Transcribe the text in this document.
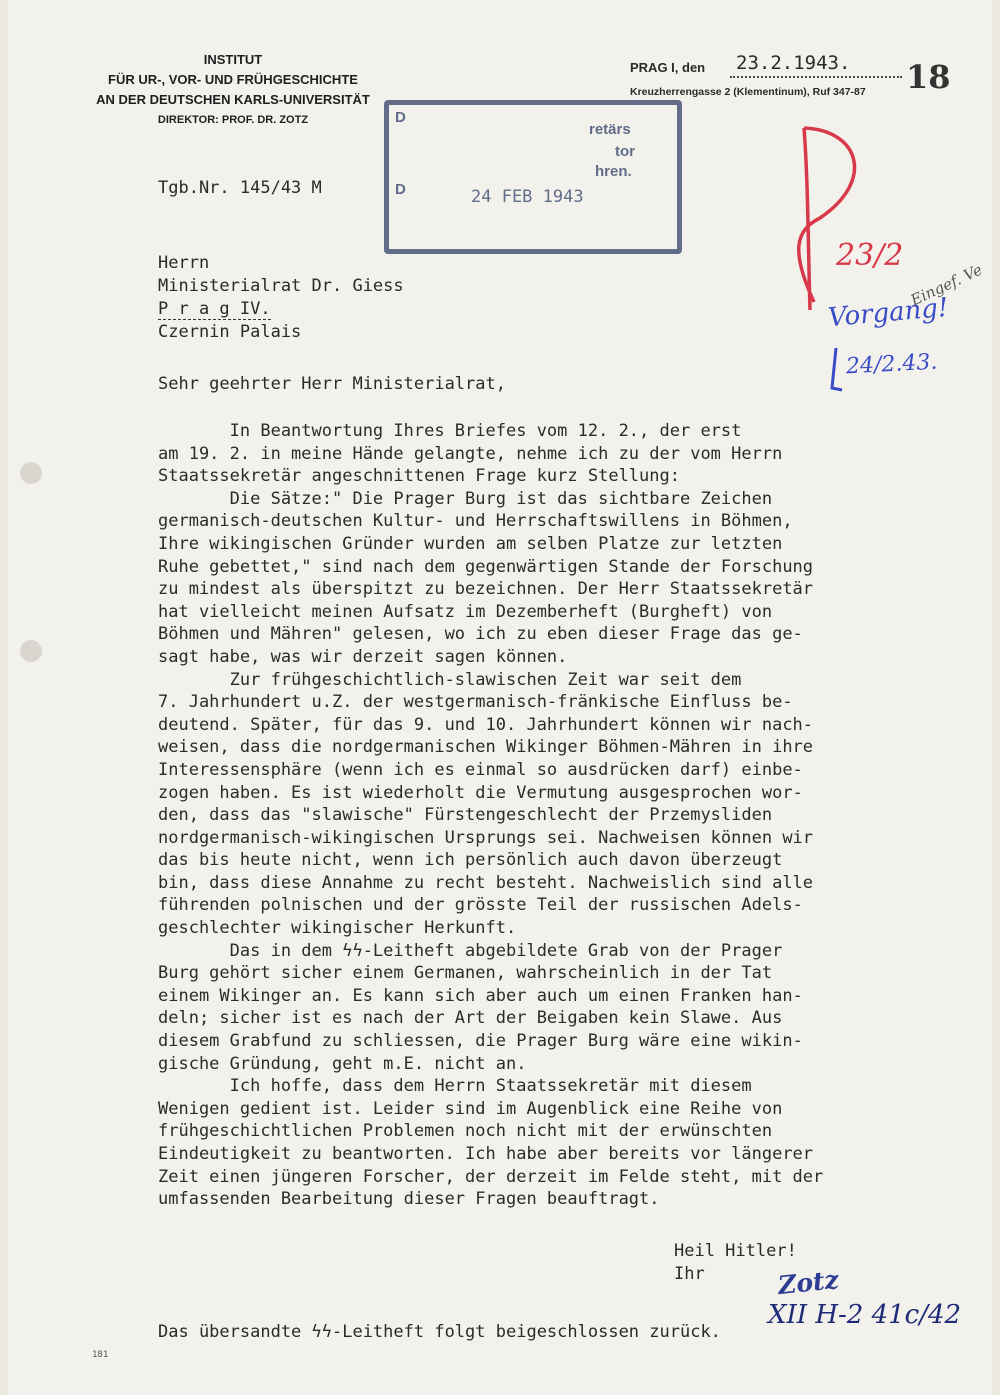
INSTITUT
FÜR UR-, VOR- UND FRÜHGESCHICHTE
AN DER DEUTSCHEN KARLS-UNIVERSITÄT
DIREKTOR: PROF. DR. ZOTZ
PRAG I, den 23.2.1943.
Kreuzherrengasse 2 (Klementinum), Ruf 347-87 18
D
retärs
tor
hren.
D	24 FEB 1943
Tgb.Nr. 145/43 M
Herrn
Ministerialrat Dr. Giess
P r a g IV.
Czernin Palais
Sehr geehrter Herr Ministerialrat,
In Beantwortung Ihres Briefes vom 12. 2., der erst
am 19. 2. in meine Hände gelangte, nehme ich zu der vom Herrn
Staatssekretär angeschnittenen Frage kurz Stellung:
Die Sätze:" Die Prager Burg ist das sichtbare Zeichen
germanisch-deutschen Kultur- und Herrschaftswillens in Böhmen,
Ihre wikingischen Gründer wurden am selben Platze zur letzten
Ruhe gebettet," sind nach dem gegenwärtigen Stande der Forschung
zu mindest als überspitzt zu bezeichnen. Der Herr Staatssekretär
hat vielleicht meinen Aufsatz im Dezemberheft (Burgheft) von
Böhmen und Mähren" gelesen, wo ich zu eben dieser Frage das ge-
sagt habe, was wir derzeit sagen können.
Zur frühgeschichtlich-slawischen Zeit war seit dem
7. Jahrhundert u.Z. der westgermanisch-fränkische Einfluss be-
deutend. Später, für das 9. und 10. Jahrhundert können wir nach-
weisen, dass die nordgermanischen Wikinger Böhmen-Mähren in ihre
Interessensphäre (wenn ich es einmal so ausdrücken darf) einbe-
zogen haben. Es ist wiederholt die Vermutung ausgesprochen wor-
den, dass das "slawische" Fürstengeschlecht der Przemysliden
nordgermanisch-wikingischen Ursprungs sei. Nachweisen können wir
das bis heute nicht, wenn ich persönlich auch davon überzeugt
bin, dass diese Annahme zu recht besteht. Nachweislich sind alle
führenden polnischen und der grösste Teil der russischen Adels-
geschlechter wikingischer Herkunft.
Das in dem ϟϟ-Leitheft abgebildete Grab von der Prager
Burg gehört sicher einem Germanen, wahrscheinlich in der Tat
einem Wikinger an. Es kann sich aber auch um einen Franken han-
deln; sicher ist es nach der Art der Beigaben kein Slawe. Aus
diesem Grabfund zu schliessen, die Prager Burg wäre eine wikin-
gische Gründung, geht m.E. nicht an.
Ich hoffe, dass dem Herrn Staatssekretär mit diesem
Wenigen gedient ist. Leider sind im Augenblick eine Reihe von
frühgeschichtlichen Problemen noch nicht mit der erwünschten
Eindeutigkeit zu beantworten. Ich habe aber bereits vor längerer
Zeit einen jüngeren Forscher, der derzeit im Felde steht, mit der
umfassenden Bearbeitung dieser Fragen beauftragt.
Heil Hitler!
Ihr	Zotz
Das übersandte ϟϟ-Leitheft folgt beigeschlossen zurück.
XII H-2 41c/42
181
23/2
Eingef. Ve
Vorgang!
24/2.43.
